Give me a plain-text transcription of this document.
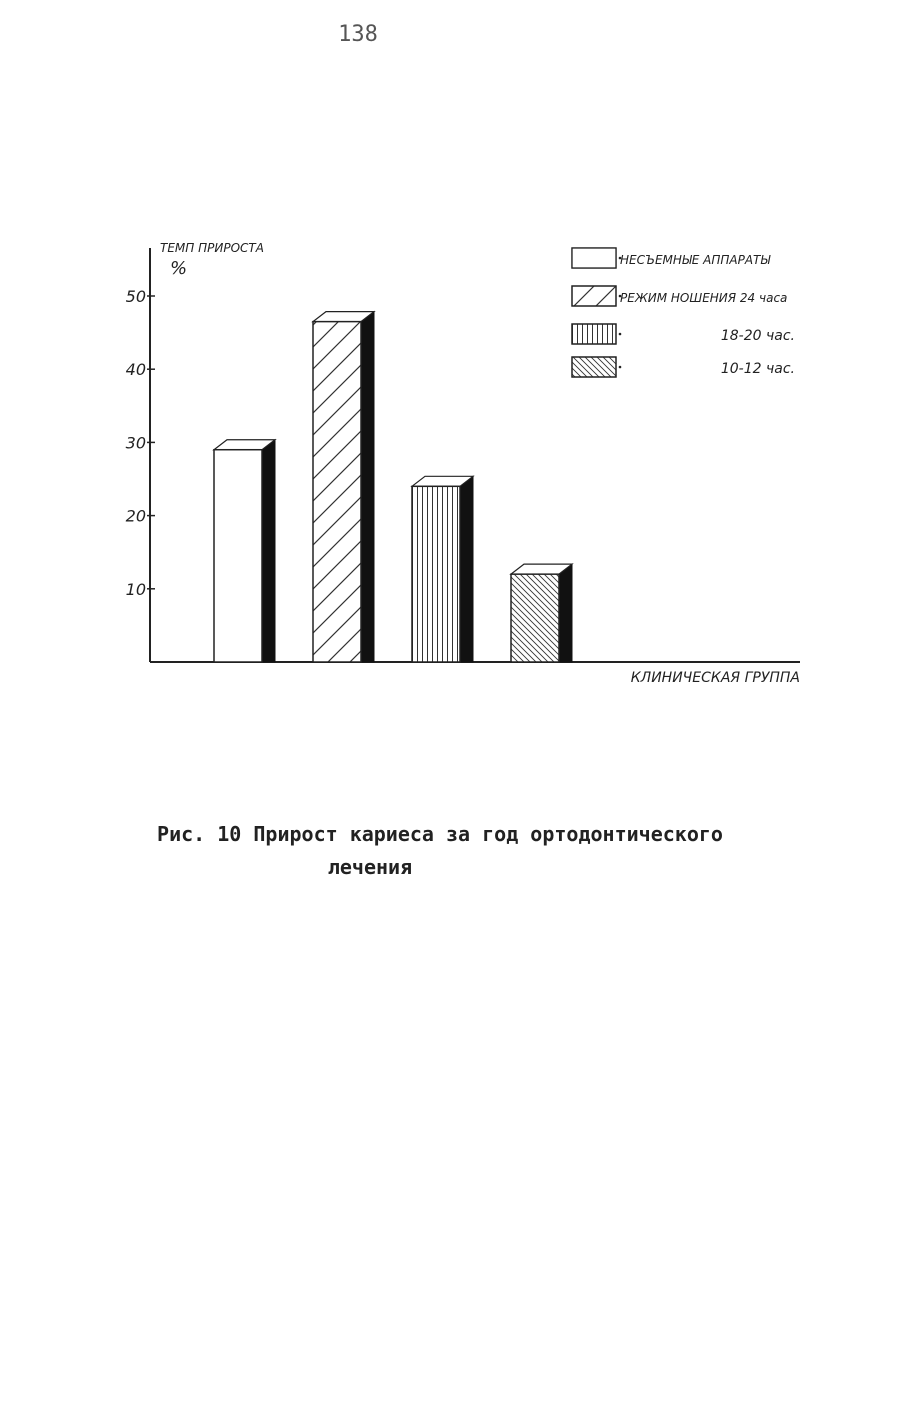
138
ТЕМП ПРИРОСТА
%
КЛИНИЧЕСКАЯ ГРУППА
10
20
30
40
50
НЕСЪЕМНЫЕ АППАРАТЫ
РЕЖИМ НОШЕНИЯ 24 часа
18-20 час.
10-12 час.
Рис. 10 Прирост кариеса за год ортодонтического
лечения
